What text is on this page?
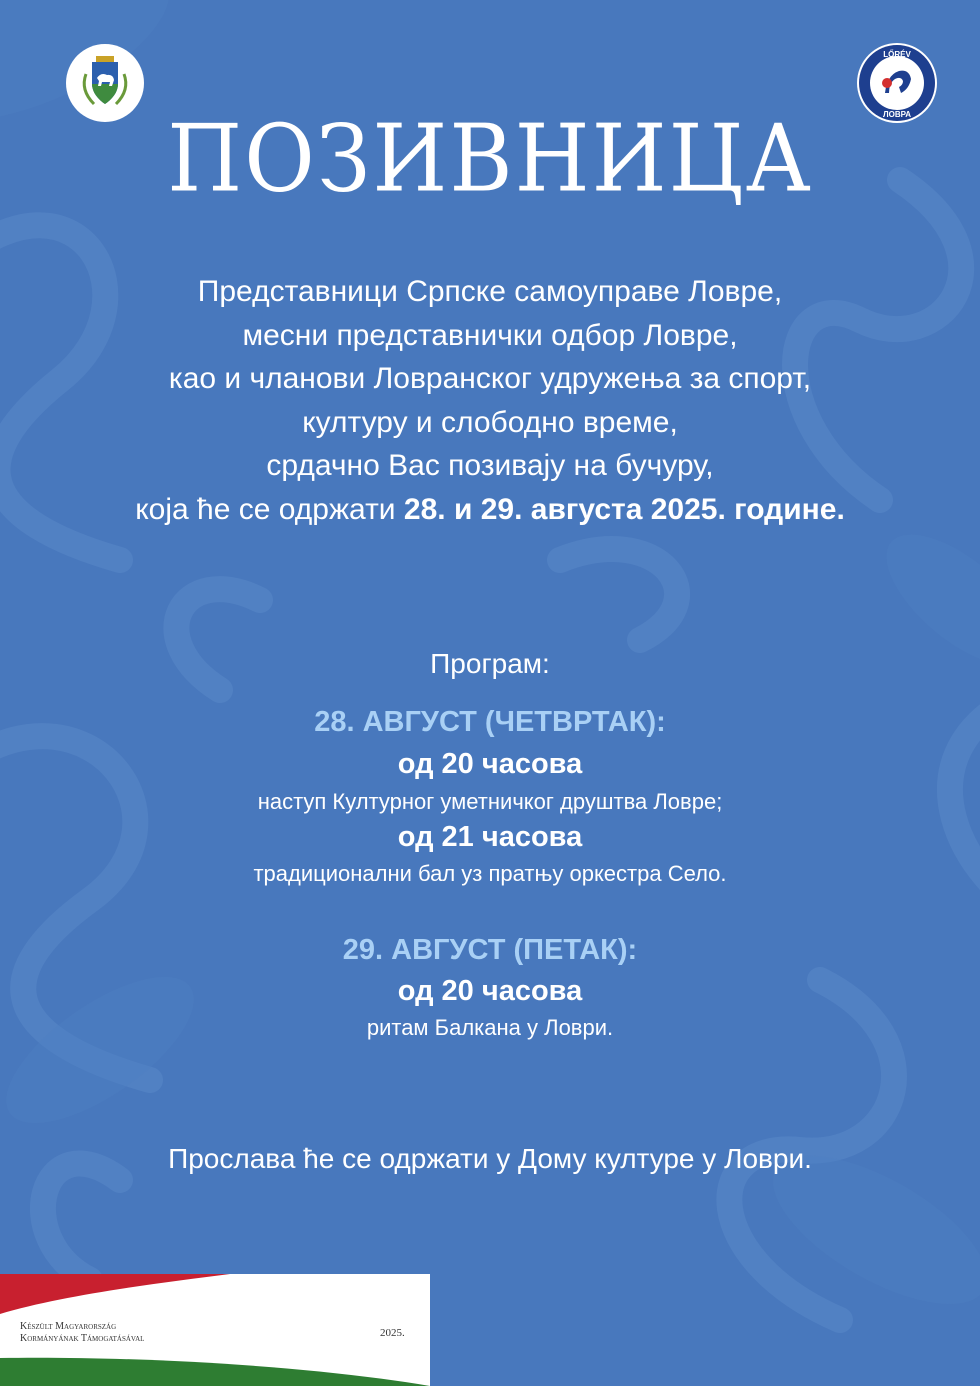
LŐRÉV
ЛОВРА
ПОЗИВНИЦА
Представници Српске самоуправе Ловре,
месни представнички одбор Ловре,
као и чланови Ловранског удружења за спорт,
културу и слободно време,
срдачно Вас позивају на бучуру,
која ће се одржати 28. и 29. августа 2025. године.
Програм:
28. АВГУСТ (ЧЕТВРТАК):
од 20 часова
наступ Културног уметничког друштва Ловре;
од 21 часова
традиционални бал уз пратњу оркестра Село.
29. АВГУСТ (ПЕТАК):
од 20 часова
ритам Балкана у Ловри.
Прослава ће се одржати у Дому културе у Ловри.
Készült Magyarország
Kormányának Támogatásával	2025.
